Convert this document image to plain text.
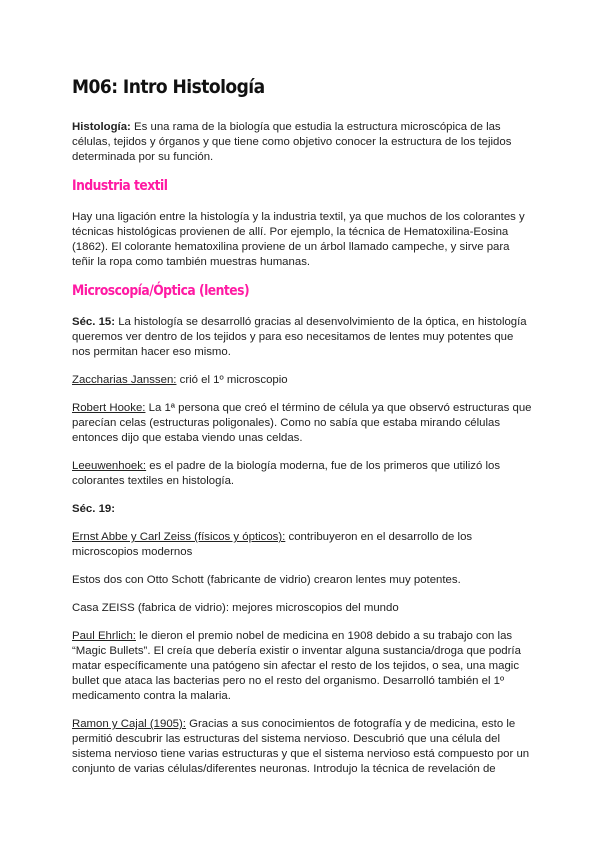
M06: Intro Histología

Histología: Es una rama de la biología que estudia la estructura microscópica de las células, tejidos y órganos y que tiene como objetivo conocer la estructura de los tejidos determinada por su función.

Industria textil

Hay una ligación entre la histología y la industria textil, ya que muchos de los colorantes y técnicas histológicas provienen de allí. Por ejemplo, la técnica de Hematoxilina-Eosina (1862). El colorante hematoxilina proviene de un árbol llamado campeche, y sirve para teñir la ropa como también muestras humanas.

Microscopía/Óptica (lentes)

Séc. 15: La histología se desarrolló gracias al desenvolvimiento de la óptica, en histología queremos ver dentro de los tejidos y para eso necesitamos de lentes muy potentes que nos permitan hacer eso mismo.

Zaccharias Janssen: crió el 1º microscopio

Robert Hooke: La 1ª persona que creó el término de célula ya que observó estructuras que parecían celas (estructuras poligonales). Como no sabía que estaba mirando células entonces dijo que estaba viendo unas celdas.

Leeuwenhoek: es el padre de la biología moderna, fue de los primeros que utilizó los colorantes textiles en histología.

Séc. 19:

Ernst Abbe y Carl Zeiss (físicos y ópticos): contribuyeron en el desarrollo de los microscopios modernos

Estos dos con Otto Schott (fabricante de vidrio) crearon lentes muy potentes.

Casa ZEISS (fabrica de vidrio): mejores microscopios del mundo

Paul Ehrlich: le dieron el premio nobel de medicina en 1908 debido a su trabajo con las “Magic Bullets”. El creía que debería existir o inventar alguna sustancia/droga que podría matar específicamente una patógeno sin afectar el resto de los tejidos, o sea, una magic bullet que ataca las bacterias pero no el resto del organismo. Desarrolló también el 1º medicamento contra la malaria.

Ramon y Cajal (1905): Gracias a sus conocimientos de fotografía y de medicina, esto le permitió descubrir las estructuras del sistema nervioso. Descubrió que una célula del sistema nervioso tiene varias estructuras y que el sistema nervioso está compuesto por un conjunto de varias células/diferentes neuronas. Introdujo la técnica de revelación de
